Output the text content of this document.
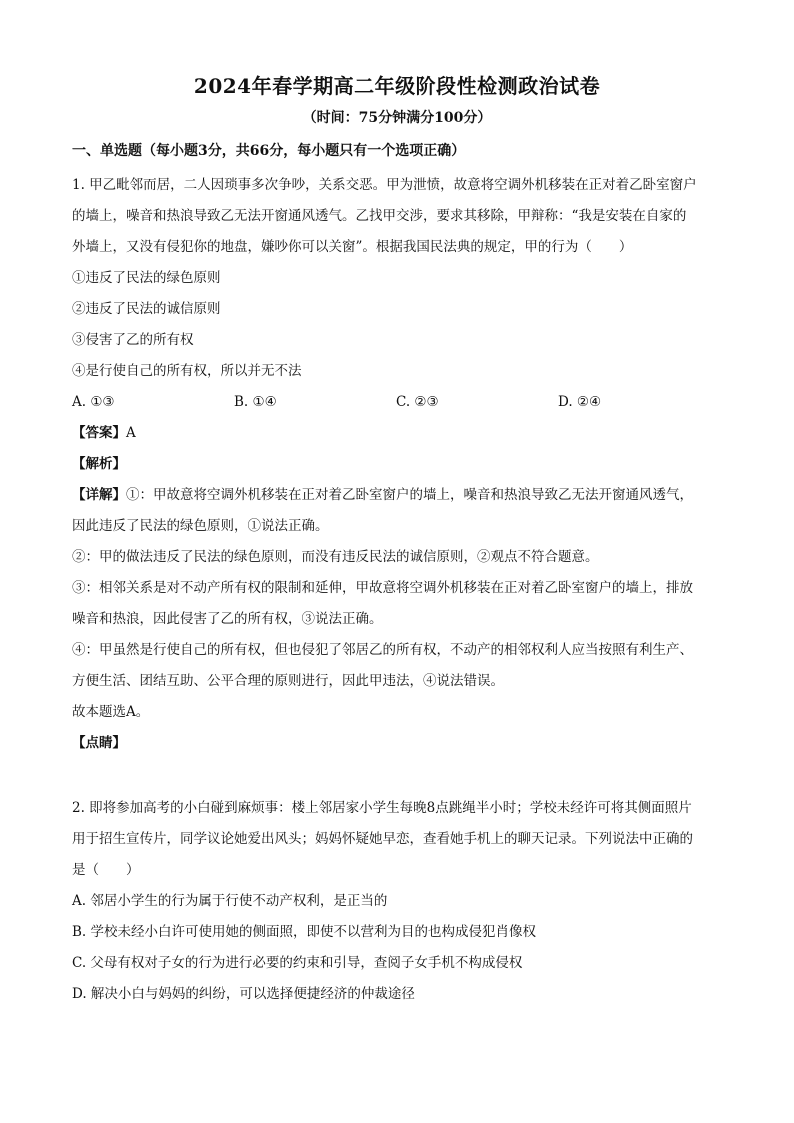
2024年春学期高二年级阶段性检测政治试卷
（时间：75分钟满分100分）
一、单选题（每小题3分，共66分，每小题只有一个选项正确）

1. 甲乙毗邻而居，二人因琐事多次争吵，关系交恶。甲为泄愤，故意将空调外机移装在正对着乙卧室窗户

的墙上，噪音和热浪导致乙无法开窗通风透气。乙找甲交涉，要求其移除，甲辩称：“我是安装在自家的

外墙上，又没有侵犯你的地盘，嫌吵你可以关窗”。根据我国民法典的规定，甲的行为（　　）

①违反了民法的绿色原则

②违反了民法的诚信原则

③侵害了乙的所有权

④是行使自己的所有权，所以并无不法

A. ①③	B. ①④	C. ②③	D. ②④

【答案】A

【解析】

【详解】①：甲故意将空调外机移装在正对着乙卧室窗户的墙上，噪音和热浪导致乙无法开窗通风透气，

因此违反了民法的绿色原则，①说法正确。

②：甲的做法违反了民法的绿色原则，而没有违反民法的诚信原则，②观点不符合题意。

③：相邻关系是对不动产所有权的限制和延伸，甲故意将空调外机移装在正对着乙卧室窗户的墙上，排放

噪音和热浪，因此侵害了乙的所有权，③说法正确。

④：甲虽然是行使自己的所有权，但也侵犯了邻居乙的所有权，不动产的相邻权利人应当按照有利生产、

方便生活、团结互助、公平合理的原则进行，因此甲违法，④说法错误。

故本题选A。

【点睛】

2. 即将参加高考的小白碰到麻烦事：楼上邻居家小学生每晚8点跳绳半小时；学校未经许可将其侧面照片

用于招生宣传片，同学议论她爱出风头；妈妈怀疑她早恋，查看她手机上的聊天记录。下列说法中正确的

是（　　）

A. 邻居小学生的行为属于行使不动产权利，是正当的

B. 学校未经小白许可使用她的侧面照，即使不以营利为目的也构成侵犯肖像权

C. 父母有权对子女的行为进行必要的约束和引导，查阅子女手机不构成侵权

D. 解决小白与妈妈的纠纷，可以选择便捷经济的仲裁途径
